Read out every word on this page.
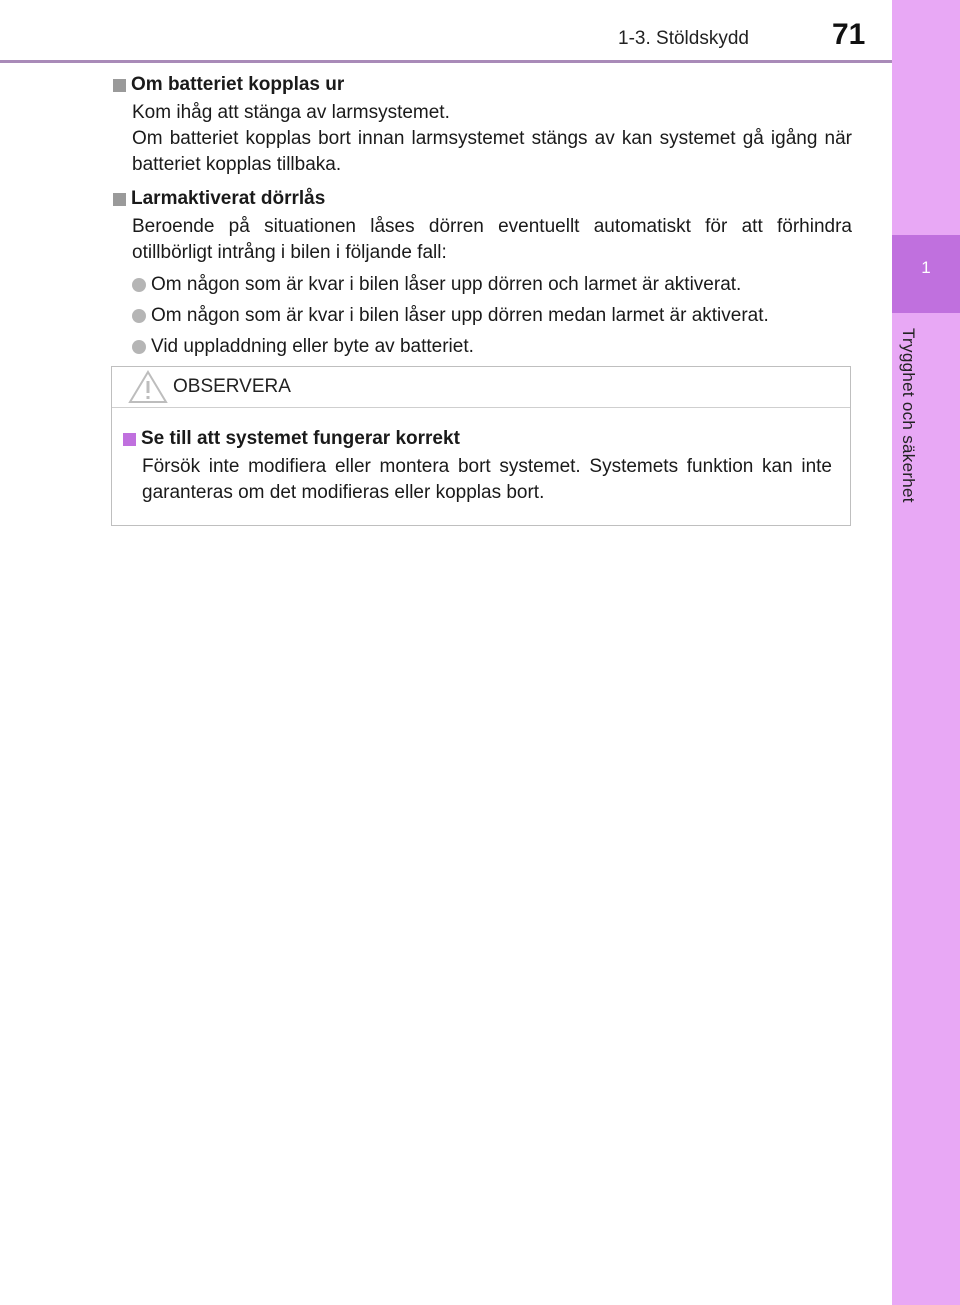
1-3. Stöldskydd	71
1
Trygghet och säkerhet
Om batteriet kopplas ur
Kom ihåg att stänga av larmsystemet.
Om batteriet kopplas bort innan larmsystemet stängs av kan systemet gå igång när batteriet kopplas tillbaka.
Larmaktiverat dörrlås
Beroende på situationen låses dörren eventuellt automatiskt för att förhindra otillbörligt intrång i bilen i följande fall:
Om någon som är kvar i bilen låser upp dörren och larmet är aktiverat.
Om någon som är kvar i bilen låser upp dörren medan larmet är aktiverat.
Vid uppladdning eller byte av batteriet.
OBSERVERA
Se till att systemet fungerar korrekt
Försök inte modifiera eller montera bort systemet. Systemets funktion kan inte garanteras om det modifieras eller kopplas bort.
